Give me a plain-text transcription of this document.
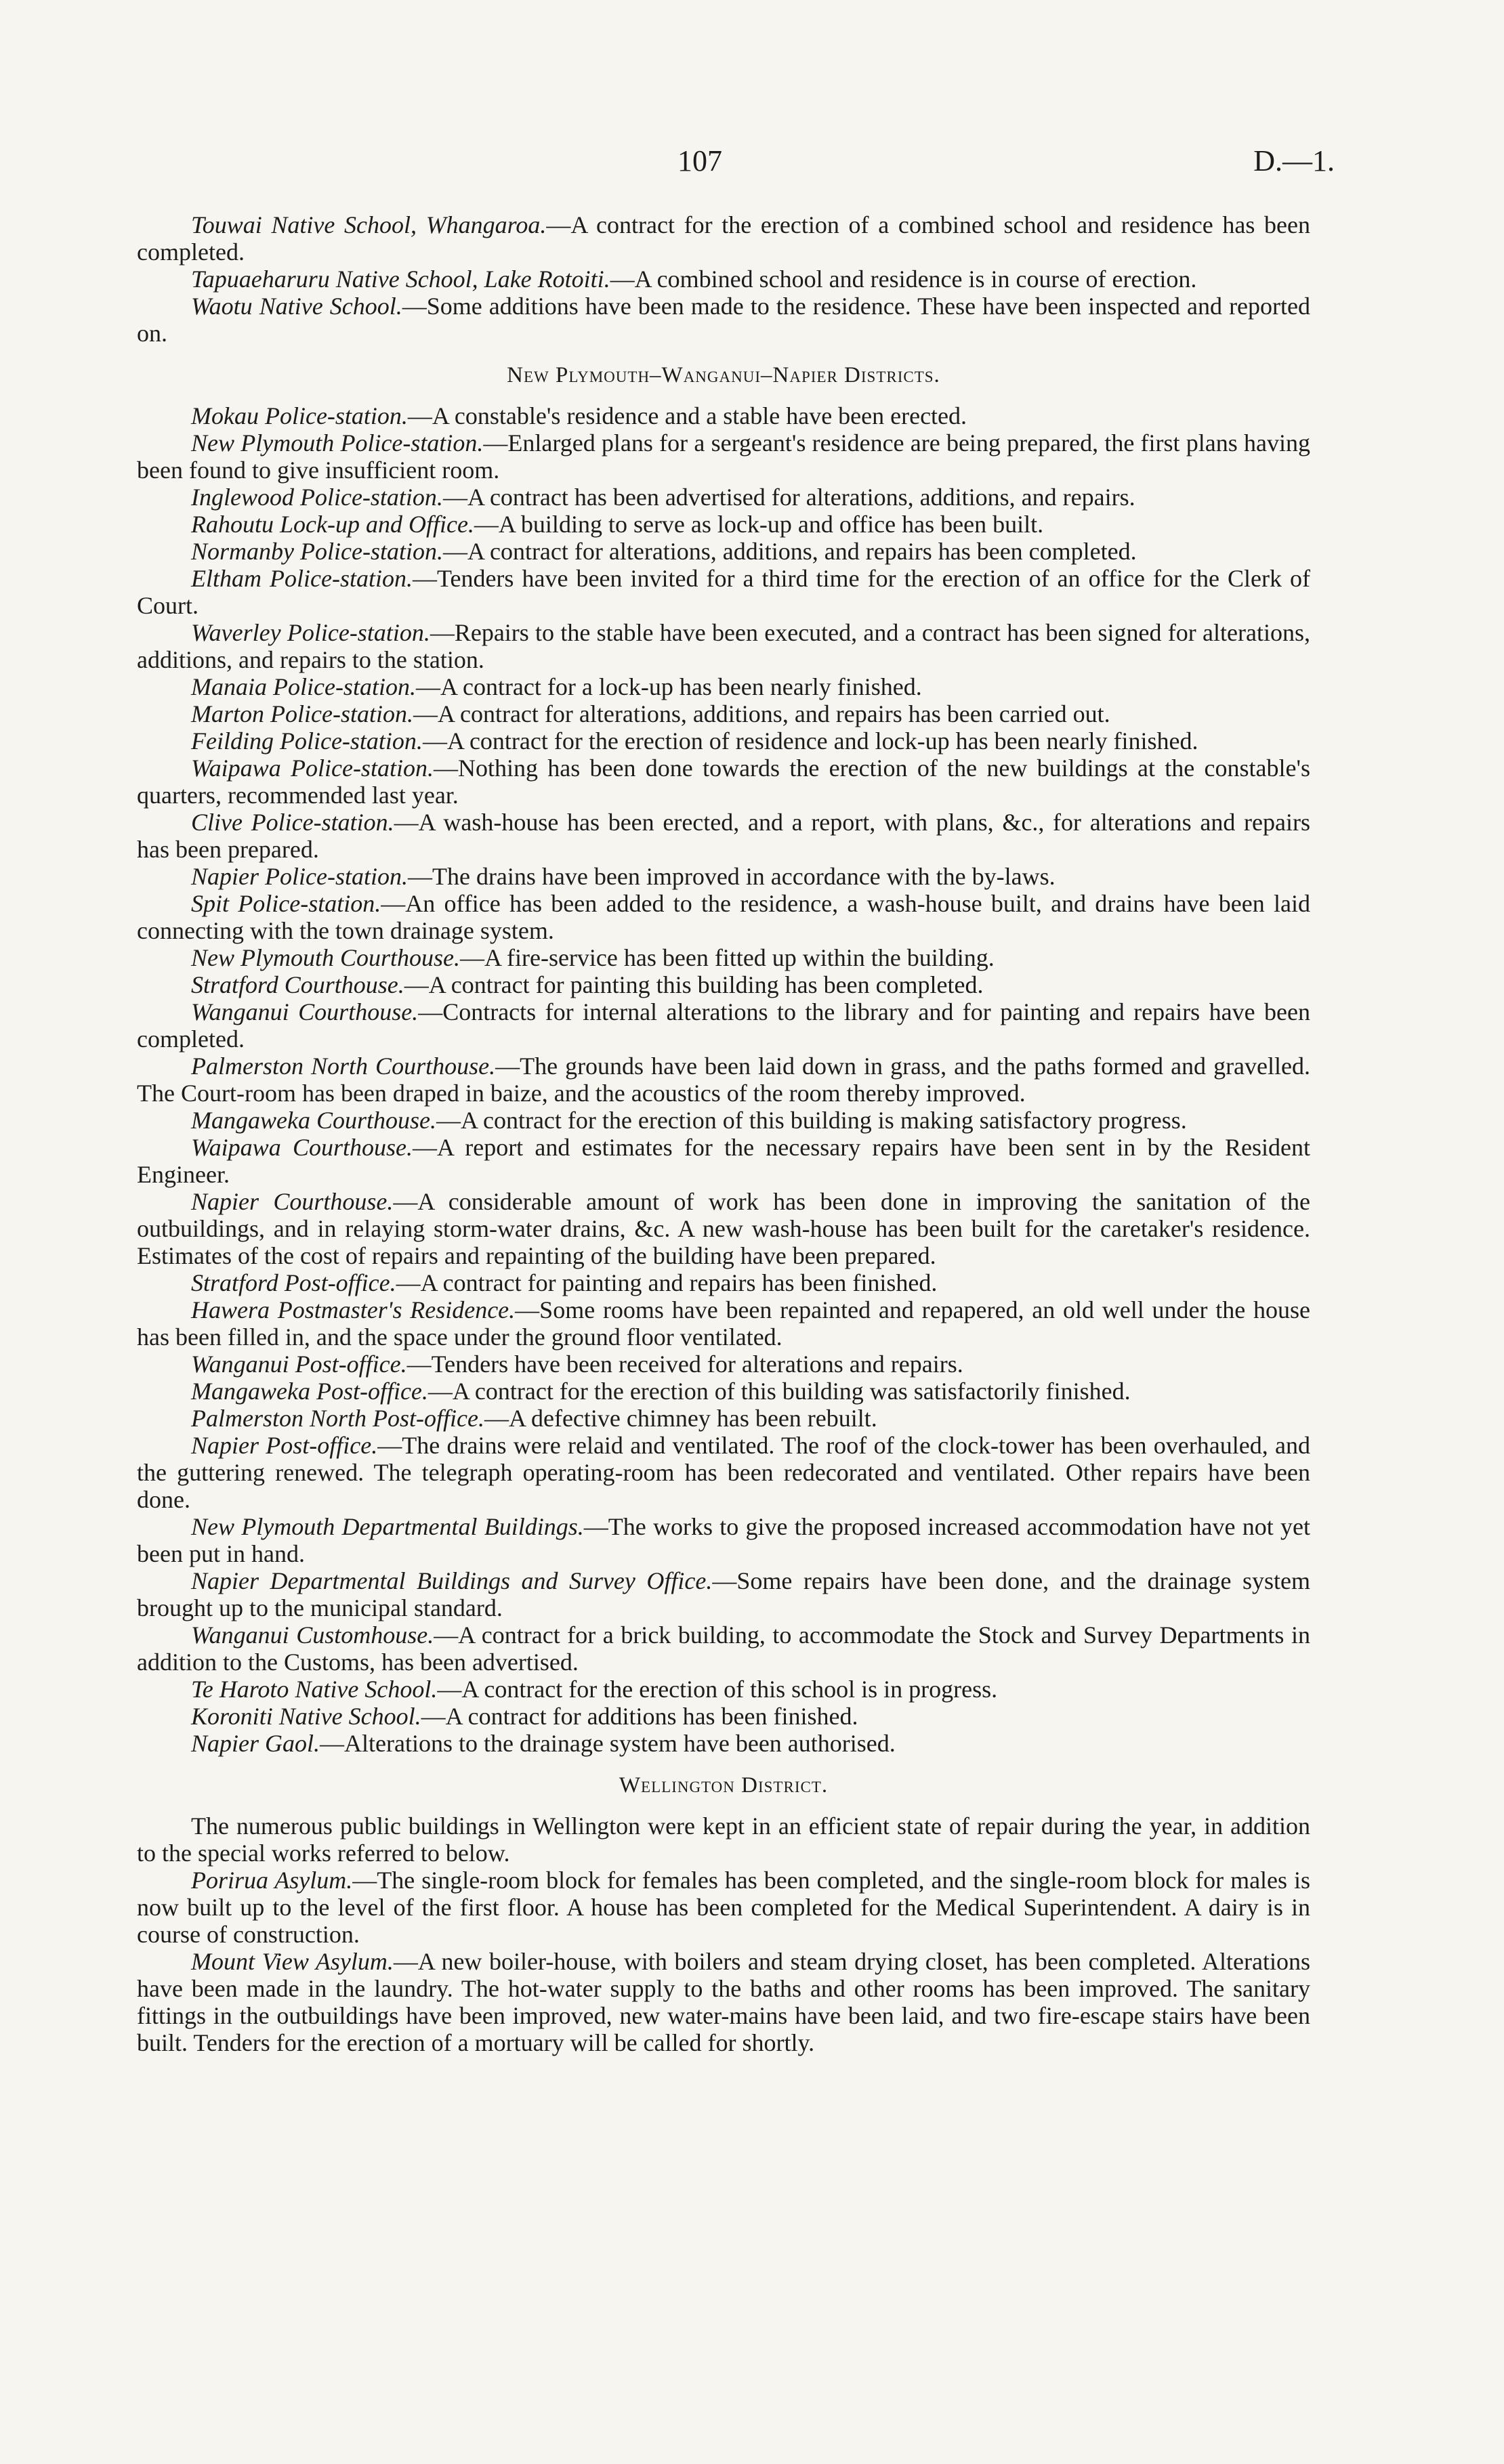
107	D.—1.

Touwai Native School, Whangaroa.—A contract for the erection of a combined school and residence has been completed.

Tapuaeharuru Native School, Lake Rotoiti.—A combined school and residence is in course of erection.

Waotu Native School.—Some additions have been made to the residence. These have been inspected and reported on.

New Plymouth–Wanganui–Napier Districts.

Mokau Police-station.—A constable's residence and a stable have been erected.

New Plymouth Police-station.—Enlarged plans for a sergeant's residence are being prepared, the first plans having been found to give insufficient room.

Inglewood Police-station.—A contract has been advertised for alterations, additions, and repairs.

Rahoutu Lock-up and Office.—A building to serve as lock-up and office has been built.

Normanby Police-station.—A contract for alterations, additions, and repairs has been completed.

Eltham Police-station.—Tenders have been invited for a third time for the erection of an office for the Clerk of Court.

Waverley Police-station.—Repairs to the stable have been executed, and a contract has been signed for alterations, additions, and repairs to the station.

Manaia Police-station.—A contract for a lock-up has been nearly finished.

Marton Police-station.—A contract for alterations, additions, and repairs has been carried out.

Feilding Police-station.—A contract for the erection of residence and lock-up has been nearly finished.

Waipawa Police-station.—Nothing has been done towards the erection of the new buildings at the constable's quarters, recommended last year.

Clive Police-station.—A wash-house has been erected, and a report, with plans, &c., for alterations and repairs has been prepared.

Napier Police-station.—The drains have been improved in accordance with the by-laws.

Spit Police-station.—An office has been added to the residence, a wash-house built, and drains have been laid connecting with the town drainage system.

New Plymouth Courthouse.—A fire-service has been fitted up within the building.

Stratford Courthouse.—A contract for painting this building has been completed.

Wanganui Courthouse.—Contracts for internal alterations to the library and for painting and repairs have been completed.

Palmerston North Courthouse.—The grounds have been laid down in grass, and the paths formed and gravelled. The Court-room has been draped in baize, and the acoustics of the room thereby improved.

Mangaweka Courthouse.—A contract for the erection of this building is making satisfactory progress.

Waipawa Courthouse.—A report and estimates for the necessary repairs have been sent in by the Resident Engineer.

Napier Courthouse.—A considerable amount of work has been done in improving the sanitation of the outbuildings, and in relaying storm-water drains, &c. A new wash-house has been built for the caretaker's residence. Estimates of the cost of repairs and repainting of the building have been prepared.

Stratford Post-office.—A contract for painting and repairs has been finished.

Hawera Postmaster's Residence.—Some rooms have been repainted and repapered, an old well under the house has been filled in, and the space under the ground floor ventilated.

Wanganui Post-office.—Tenders have been received for alterations and repairs.

Mangaweka Post-office.—A contract for the erection of this building was satisfactorily finished.

Palmerston North Post-office.—A defective chimney has been rebuilt.

Napier Post-office.—The drains were relaid and ventilated. The roof of the clock-tower has been overhauled, and the guttering renewed. The telegraph operating-room has been redecorated and ventilated. Other repairs have been done.

New Plymouth Departmental Buildings.—The works to give the proposed increased accommodation have not yet been put in hand.

Napier Departmental Buildings and Survey Office.—Some repairs have been done, and the drainage system brought up to the municipal standard.

Wanganui Customhouse.—A contract for a brick building, to accommodate the Stock and Survey Departments in addition to the Customs, has been advertised.

Te Haroto Native School.—A contract for the erection of this school is in progress.

Koroniti Native School.—A contract for additions has been finished.

Napier Gaol.—Alterations to the drainage system have been authorised.

Wellington District.

The numerous public buildings in Wellington were kept in an efficient state of repair during the year, in addition to the special works referred to below.

Porirua Asylum.—The single-room block for females has been completed, and the single-room block for males is now built up to the level of the first floor. A house has been completed for the Medical Superintendent. A dairy is in course of construction.

Mount View Asylum.—A new boiler-house, with boilers and steam drying closet, has been completed. Alterations have been made in the laundry. The hot-water supply to the baths and other rooms has been improved. The sanitary fittings in the outbuildings have been improved, new water-mains have been laid, and two fire-escape stairs have been built. Tenders for the erection of a mortuary will be called for shortly.
